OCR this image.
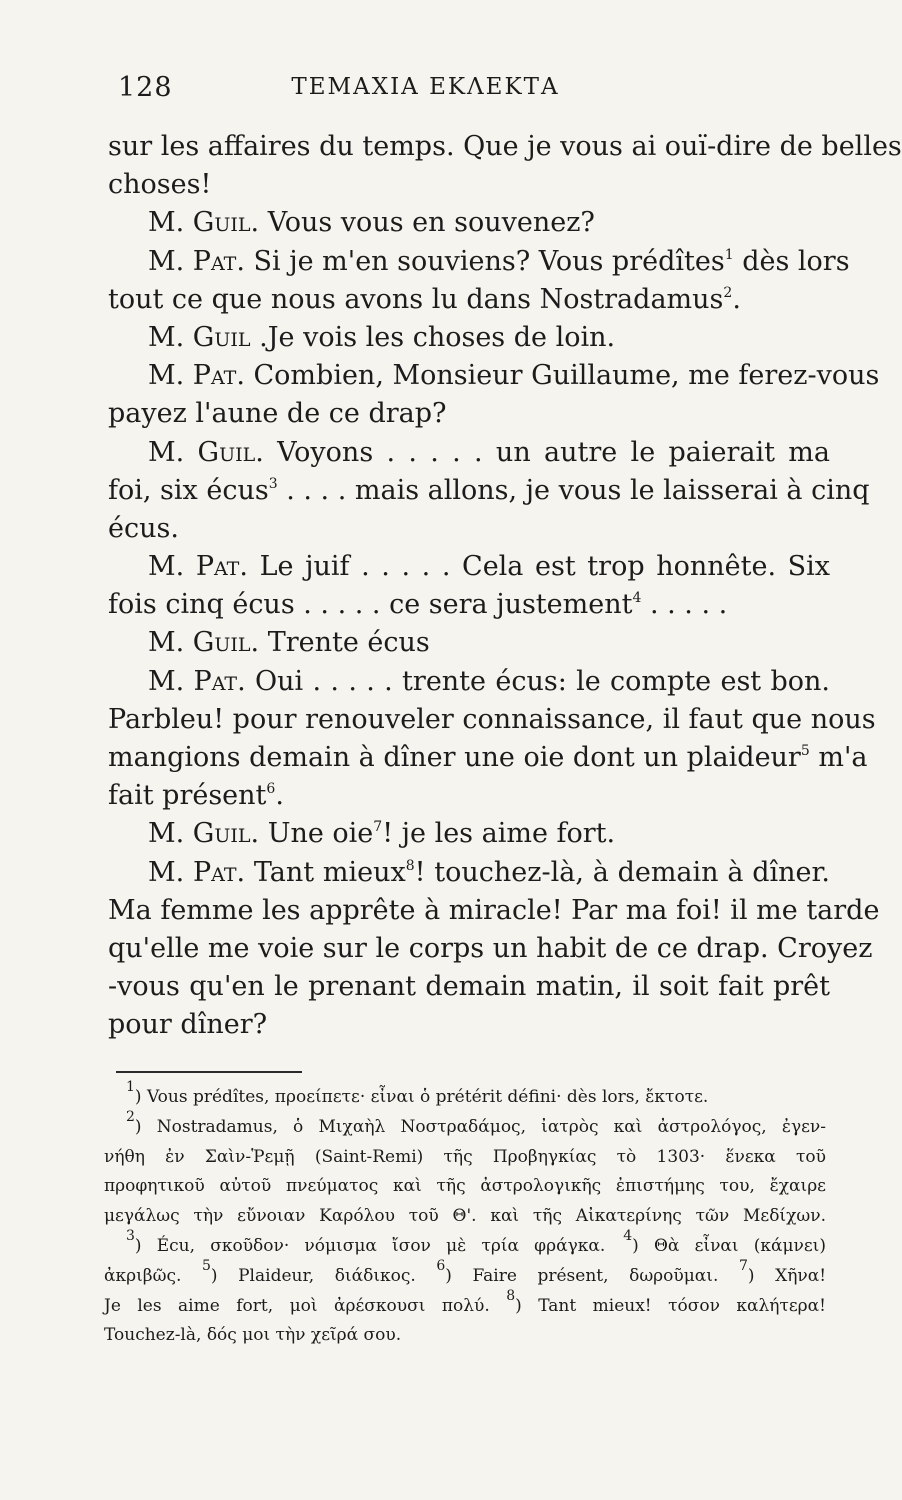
128	ΤΕΜΑΧΙΑ ΕΚΛΕΚΤΑ
sur les affaires du temps. Que je vous ai ouï-dire de belles
choses!
M. Guil. Vous vous en souvenez?
M. Pat. Si je m'en souviens? Vous prédîtes$^1$ dès lors
tout ce que nous avons lu dans Nostradamus$^2$.
M. Guil .Je vois les choses de loin.
M. Pat. Combien, Monsieur Guillaume, me ferez-vous
payez l'aune de ce drap?
M. Guil. Voyons . . . . . un autre le paierait ma
foi, six écus$^3$ . . . . mais allons, je vous le laisserai à cinq
écus.
M. Pat. Le juif . . . . . Cela est trop honnête. Six
fois cinq écus . . . . . ce sera justement$^4$ . . . . .
M. Guil. Trente écus
M. Pat. Oui . . . . . trente écus: le compte est bon.
Parbleu! pour renouveler connaissance, il faut que nous
mangions demain à dîner une oie dont un plaideur$^5$ m'a
fait présent$^6$.
M. Guil. Une oie$^7$! je les aime fort.
M. Pat. Tant mieux$^8$! touchez-là, à demain à dîner.
Ma femme les apprête à miracle! Par ma foi! il me tarde
qu'elle me voie sur le corps un habit de ce drap. Croyez
-vous qu'en le prenant demain matin, il soit fait prêt
pour dîner?
$^1$) Vous prédîtes, προείπετε· εἶναι ὁ prétérit défini· dès lors, ἔκτοτε.
$^2$) Nostradamus, ὁ Μιχαὴλ Νοστραδάμος, ἰατρὸς καὶ ἀστρολόγος, ἐγεν-
νήθη ἐν Σαὶν-Ῥεμῇ (Saint-Remi) τῆς Προβηγκίας τὸ 1303· ἕνεκα τοῦ
προφητικοῦ αὐτοῦ πνεύματος καὶ τῆς ἀστρολογικῆς ἐπιστήμης του, ἔχαιρε
μεγάλως τὴν εὔνοιαν Καρόλου τοῦ Θ'. καὶ τῆς Αἰκατερίνης τῶν Μεδίχων.
$^3$) Écu, σκοῦδον· νόμισμα ἴσον μὲ τρία φράγκα. $^4$) Θὰ εἶναι (κάμνει)
ἀκριβῶς. $^5$) Plaideur, διάδικος. $^6$) Faire présent, δωροῦμαι. $^7$) Χῆνα!
Je les aime fort, μοὶ ἀρέσκουσι πολύ. $^8$) Tant mieux! τόσον καλήτερα!
Touchez-là, δός μοι τὴν χεῖρά σου.
